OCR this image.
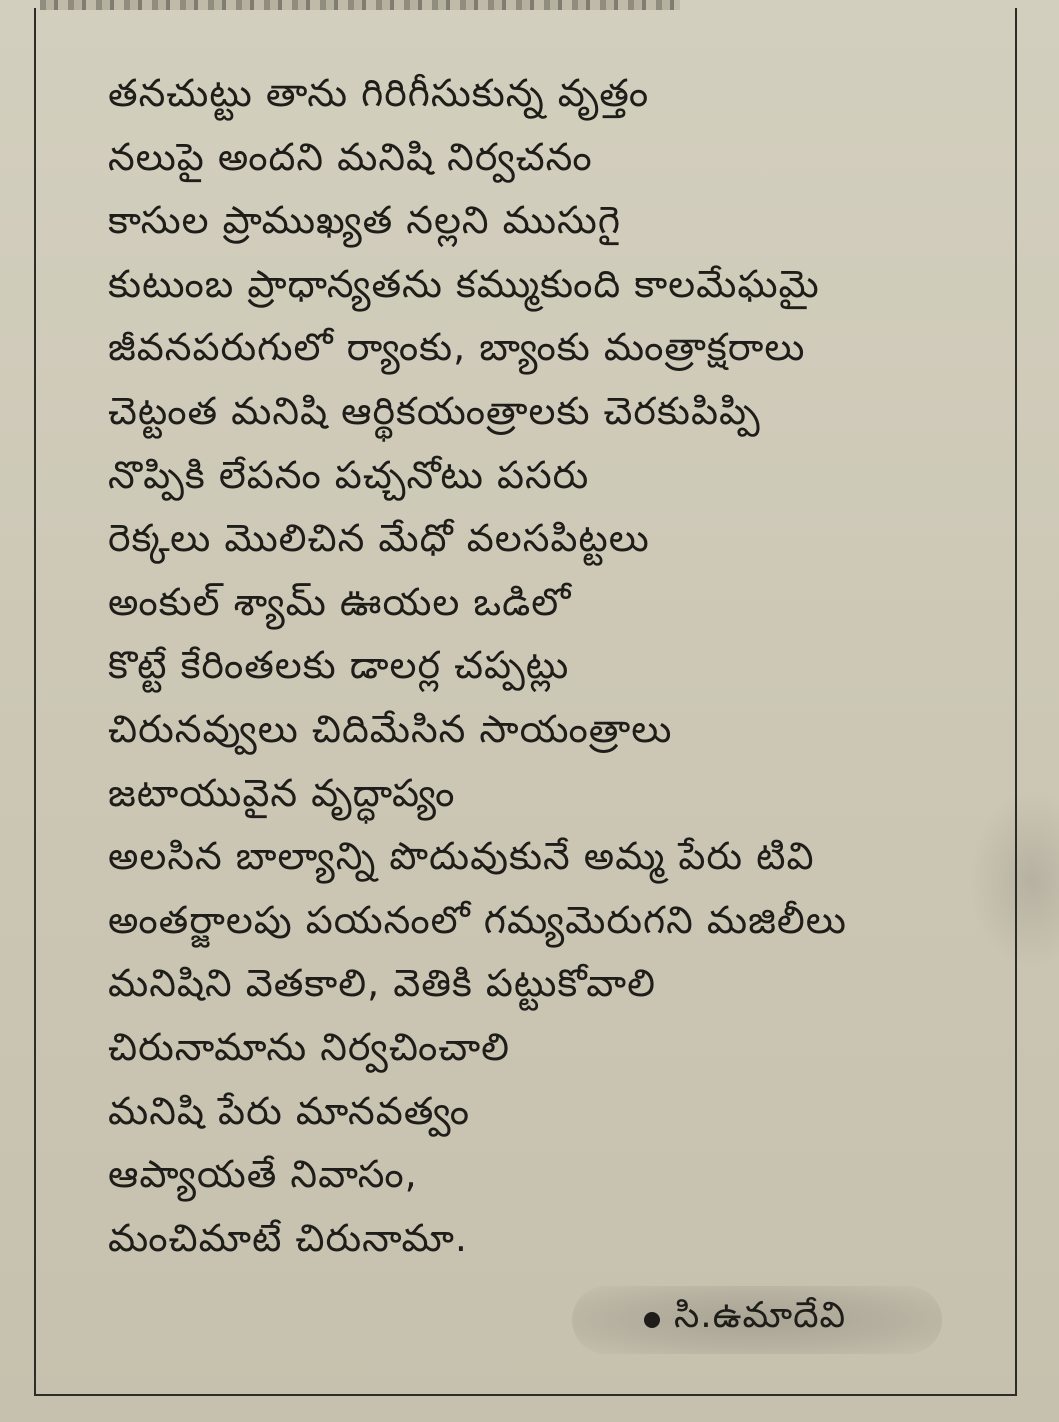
తనచుట్టు తాను గిరిగీసుకున్న వృత్తం
నలుపై అందని మనిషి నిర్వచనం
కాసుల ప్రాముఖ్యత నల్లని ముసుగై
కుటుంబ ప్రాధాన్యతను కమ్ముకుంది కాలమేఘమై
జీవనపరుగులో ర్యాంకు, బ్యాంకు మంత్రాక్షరాలు
చెట్టంత మనిషి ఆర్థికయంత్రాలకు చెరకుపిప్పి
నొప్పికి లేపనం పచ్చనోటు పసరు
రెక్కలు మొలిచిన మేధో వలసపిట్టలు
అంకుల్ శ్యామ్ ఊయల ఒడిలో
కొట్టే కేరింతలకు డాలర్ల చప్పట్లు
చిరునవ్వులు చిదిమేసిన సాయంత్రాలు
జటాయువైన వృద్ధాప్యం
అలసిన బాల్యాన్ని పొదువుకునే అమ్మ పేరు టివి
అంతర్జాలపు పయనంలో గమ్యమెరుగని మజిలీలు
మనిషిని వెతకాలి, వెతికి పట్టుకోవాలి
చిరునామాను నిర్వచించాలి
మనిషి పేరు మానవత్వం
ఆప్యాయతే నివాసం,
మంచిమాటే చిరునామా.
సి.ఉమాదేవి
